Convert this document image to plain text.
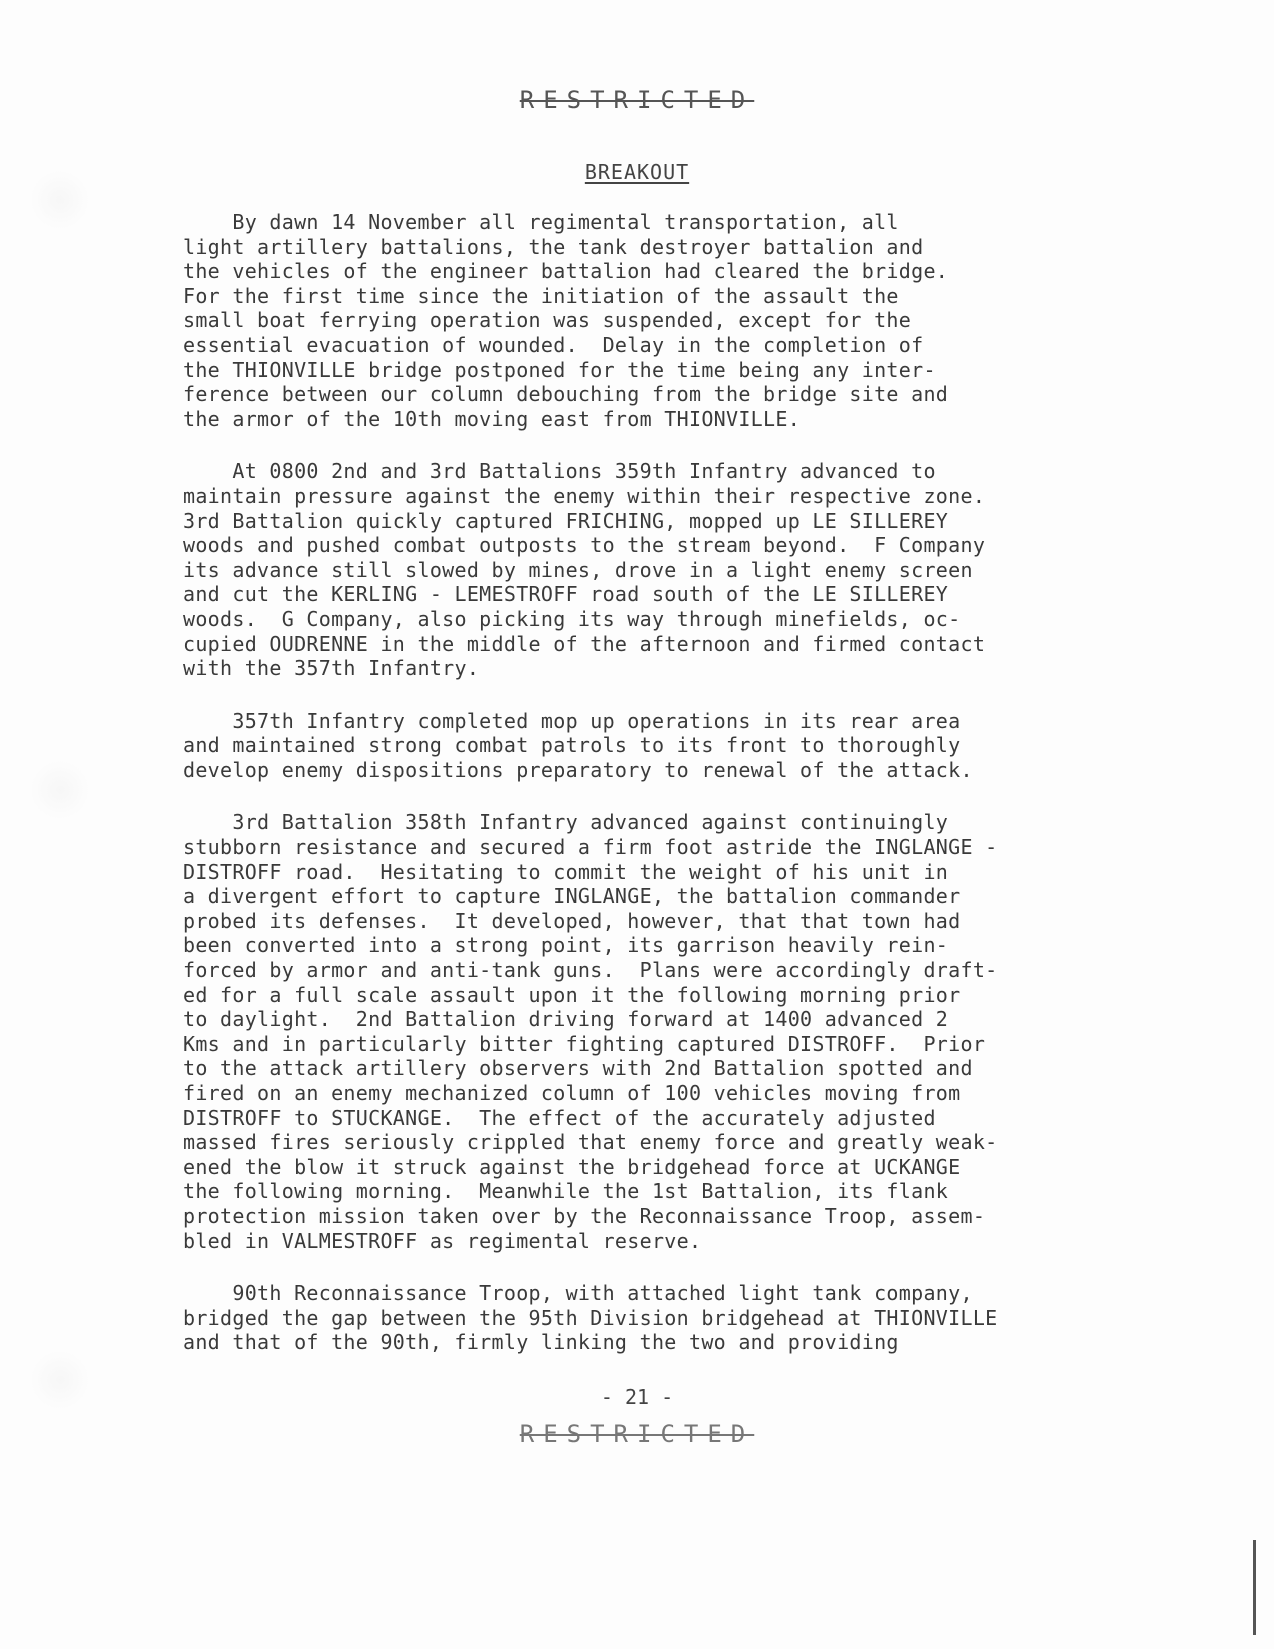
RESTRICTED
BREAKOUT
By dawn 14 November all regimental transportation, all
light artillery battalions, the tank destroyer battalion and
the vehicles of the engineer battalion had cleared the bridge.
For the first time since the initiation of the assault the
small boat ferrying operation was suspended, except for the
essential evacuation of wounded.  Delay in the completion of
the THIONVILLE bridge postponed for the time being any inter-
ference between our column debouching from the bridge site and
the armor of the 10th moving east from THIONVILLE.
At 0800 2nd and 3rd Battalions 359th Infantry advanced to
maintain pressure against the enemy within their respective zone.
3rd Battalion quickly captured FRICHING, mopped up LE SILLEREY
woods and pushed combat outposts to the stream beyond.  F Company
its advance still slowed by mines, drove in a light enemy screen
and cut the KERLING - LEMESTROFF road south of the LE SILLEREY
woods.  G Company, also picking its way through minefields, oc-
cupied OUDRENNE in the middle of the afternoon and firmed contact
with the 357th Infantry.
357th Infantry completed mop up operations in its rear area
and maintained strong combat patrols to its front to thoroughly
develop enemy dispositions preparatory to renewal of the attack.
3rd Battalion 358th Infantry advanced against continuingly
stubborn resistance and secured a firm foot astride the INGLANGE -
DISTROFF road.  Hesitating to commit the weight of his unit in
a divergent effort to capture INGLANGE, the battalion commander
probed its defenses.  It developed, however, that that town had
been converted into a strong point, its garrison heavily rein-
forced by armor and anti-tank guns.  Plans were accordingly draft-
ed for a full scale assault upon it the following morning prior
to daylight.  2nd Battalion driving forward at 1400 advanced 2
Kms and in particularly bitter fighting captured DISTROFF.  Prior
to the attack artillery observers with 2nd Battalion spotted and
fired on an enemy mechanized column of 100 vehicles moving from
DISTROFF to STUCKANGE.  The effect of the accurately adjusted
massed fires seriously crippled that enemy force and greatly weak-
ened the blow it struck against the bridgehead force at UCKANGE
the following morning.  Meanwhile the 1st Battalion, its flank
protection mission taken over by the Reconnaissance Troop, assem-
bled in VALMESTROFF as regimental reserve.
90th Reconnaissance Troop, with attached light tank company,
bridged the gap between the 95th Division bridgehead at THIONVILLE
and that of the 90th, firmly linking the two and providing
- 21 -
RESTRICTED
